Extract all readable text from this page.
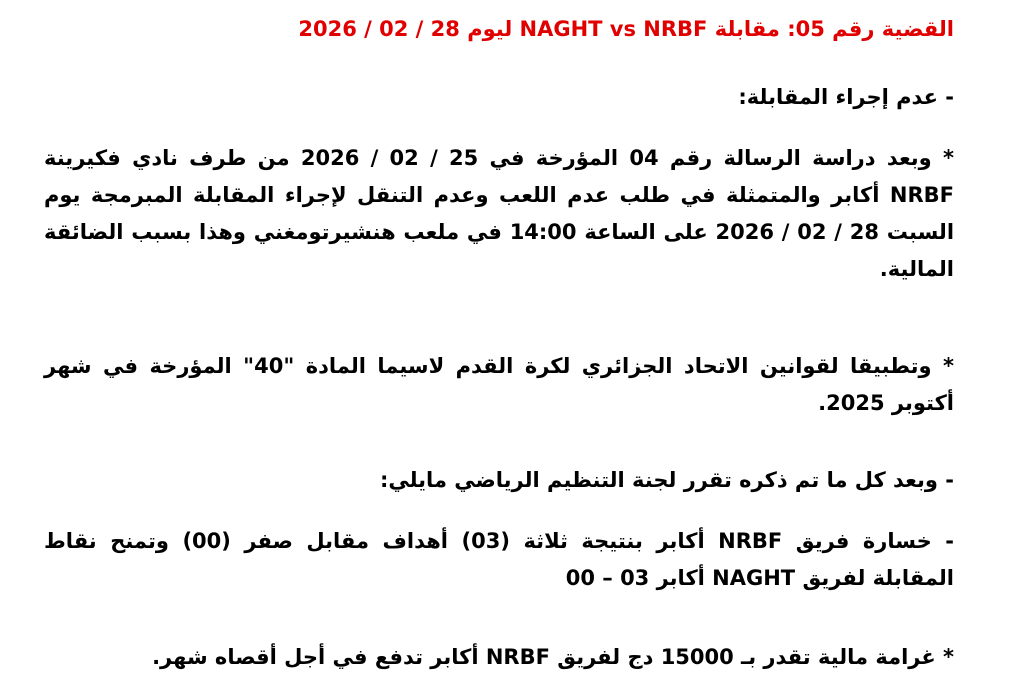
القضية رقم 05: مقابلة NAGHT vs NRBF ليوم 28 / 02 / 2026

- عدم إجراء المقابلة:

* وبعد دراسة الرسالة رقم 04 المؤرخة في 25 / 02 / 2026 من طرف نادي فكيرينة NRBF أكابر والمتمثلة في طلب عدم اللعب وعدم التنقل لإجراء المقابلة المبرمجة يوم السبت 28 / 02 / 2026 على الساعة 14:00 في ملعب هنشيرتومغني وهذا بسبب الضائقة المالية.

* وتطبيقا لقوانين الاتحاد الجزائري لكرة القدم لاسيما المادة "40" المؤرخة في شهر أكتوبر 2025.

- وبعد كل ما تم ذكره تقرر لجنة التنظيم الرياضي مايلي:

- خسارة فريق NRBF أكابر بنتيجة ثلاثة (03) أهداف مقابل صفر (00) وتمنح نقاط المقابلة لفريق NAGHT أكابر 03 – 00

* غرامة مالية تقدر بـ 15000 دج لفريق NRBF أكابر تدفع في أجل أقصاه شهر.
